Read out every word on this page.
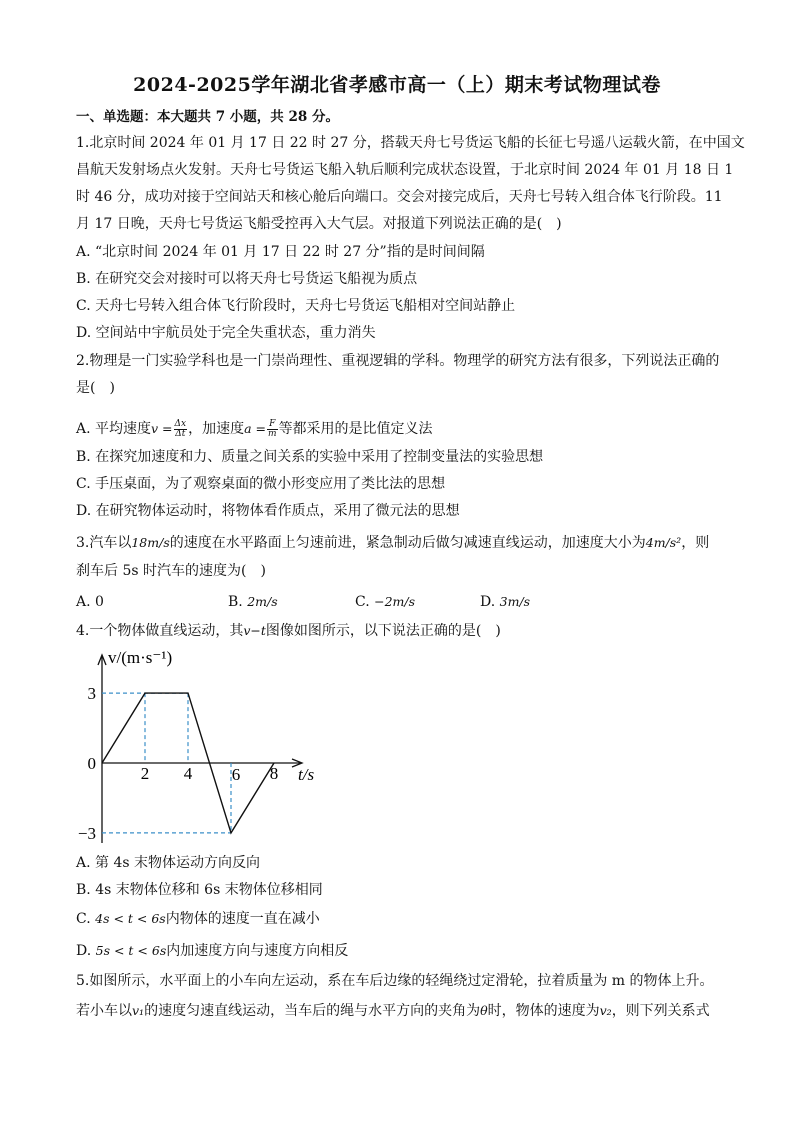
2024-2025学年湖北省孝感市高一（上）期末考试物理试卷
一、单选题：本大题共 7 小题，共 28 分。
1.北京时间 2024 年 01 月 17 日 22 时 27 分，搭载天舟七号货运飞船的长征七号遥八运载火箭，在中国文
昌航天发射场点火发射。天舟七号货运飞船入轨后顺利完成状态设置，于北京时间 2024 年 01 月 18 日 1
时 46 分，成功对接于空间站天和核心舱后向端口。交会对接完成后，天舟七号转入组合体飞行阶段。11
月 17 日晚，天舟七号货运飞船受控再入大气层。对报道下列说法正确的是(　)
A. “北京时间 2024 年 01 月 17 日 22 时 27 分”指的是时间间隔
B. 在研究交会对接时可以将天舟七号货运飞船视为质点
C. 天舟七号转入组合体飞行阶段时，天舟七号货运飞船相对空间站静止
D. 空间站中宇航员处于完全失重状态，重力消失
2.物理是一门实验学科也是一门崇尚理性、重视逻辑的学科。物理学的研究方法有很多，下列说法正确的
是(　)
A. 平均速度$v = \frac{\Delta x}{\Delta t}$ ，加速度$a = \frac{F}{m}$ 等都采用的是比值定义法
B. 在探究加速度和力、质量之间关系的实验中采用了控制变量法的实验思想
C. 手压桌面，为了观察桌面的微小形变应用了类比法的思想
D. 在研究物体运动时，将物体看作质点，采用了微元法的思想
3.汽车以18m/s的速度在水平路面上匀速前进，紧急制动后做匀减速直线运动，加速度大小为4m/s²，则
刹车后 5s 时汽车的速度为(　)
A. 0	B. 2m/s	C. −2m/s	D. 3m/s
4.一个物体做直线运动，其v−t图像如图所示，以下说法正确的是(　)
2 4 6 8
3
0
−3
t/s
v/(m·s⁻¹)
A. 第 4s 末物体运动方向反向
B. 4s 末物体位移和 6s 末物体位移相同
C. 4s < t < 6s内物体的速度一直在减小
D. 5s < t < 6s内加速度方向与速度方向相反
5.如图所示，水平面上的小车向左运动，系在车后边缘的轻绳绕过定滑轮，拉着质量为 m 的物体上升。
若小车以v₁的速度匀速直线运动，当车后的绳与水平方向的夹角为θ时，物体的速度为v₂，则下列关系式
